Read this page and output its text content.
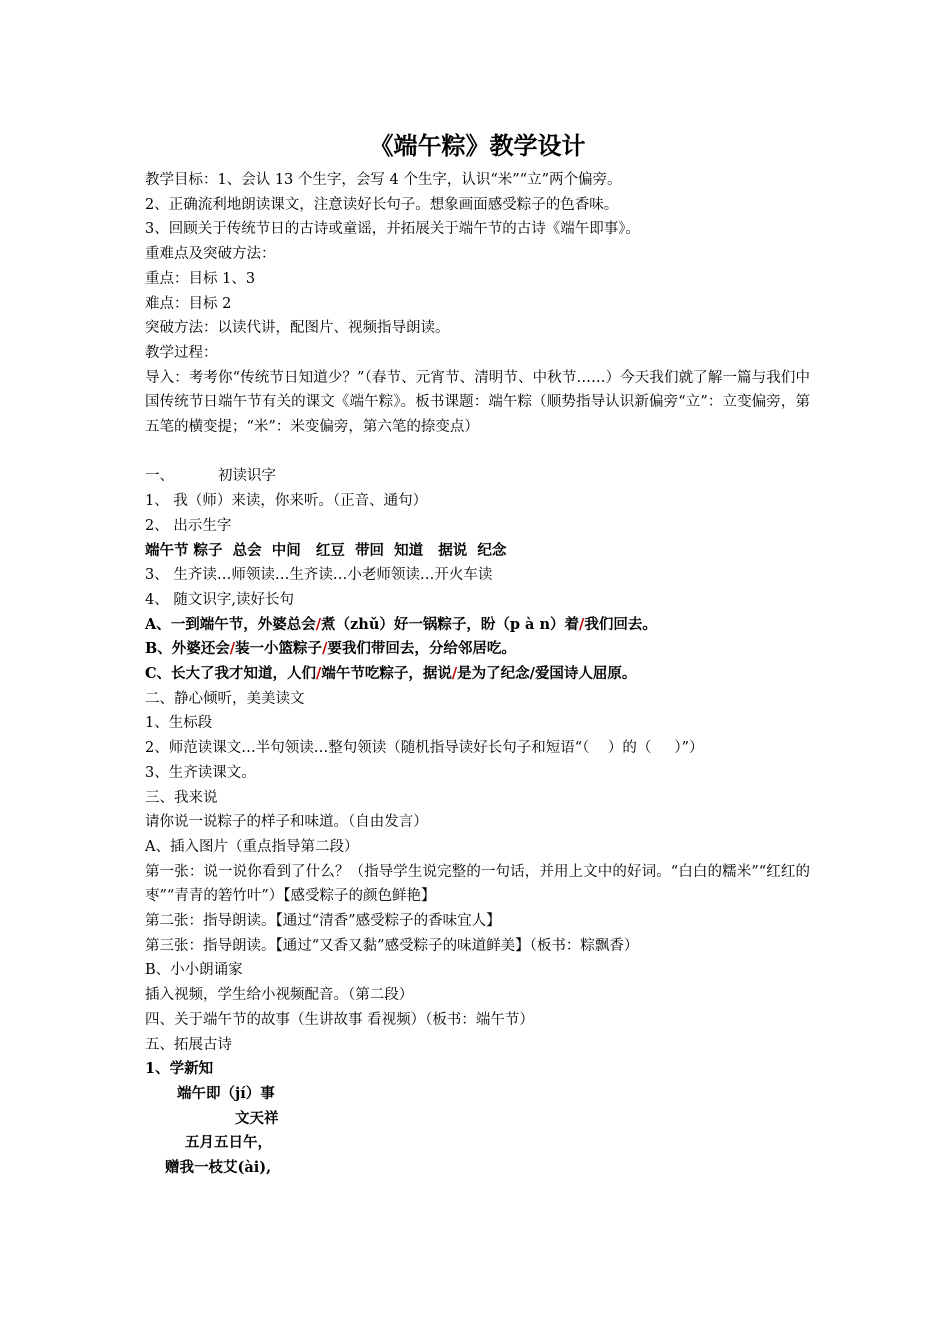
《端午粽》教学设计
教学目标：1、会认 13 个生字，会写 4 个生字，认识“米”“立”两个偏旁。
2、正确流利地朗读课文，注意读好长句子。想象画面感受粽子的色香味。
3、回顾关于传统节日的古诗或童谣，并拓展关于端午节的古诗《端午即事》。
重难点及突破方法：
重点：目标 1、3
难点：目标 2
突破方法：以读代讲，配图片、视频指导朗读。
教学过程：
导入：考考你“传统节日知道少？”（春节、元宵节、清明节、中秋节……）今天我们就了解一篇与我们中国传统节日端午节有关的课文《端午粽》。板书课题：端午粽（顺势指导认识新偏旁“立”：立变偏旁，第五笔的横变提；“米”：米变偏旁，第六笔的捺变点）
一、	初读识字
1、 我（师）来读，你来听。（正音、通句）
2、 出示生字
端午节 粽子  总会  中间   红豆  带回  知道   据说  纪念
3、 生齐读…师领读…生齐读…小老师领读…开火车读
4、 随文识字,读好长句
A、一到端午节，外婆总会/煮（zhǔ）好一锅粽子，盼（p à n）着/我们回去。
B、外婆还会/装一小篮粽子/要我们带回去，分给邻居吃。
C、长大了我才知道，人们/端午节吃粽子，据说/是为了纪念/爱国诗人屈原。
二、静心倾听，美美读文
1、生标段
2、师范读课文…半句领读…整句领读（随机指导读好长句子和短语“（    ）的（     ）”）
3、生齐读课文。
三、我来说
请你说一说粽子的样子和味道。（自由发言）
A、插入图片（重点指导第二段）
第一张：说一说你看到了什么？（指导学生说完整的一句话，并用上文中的好词。“白白的糯米”“红红的枣”“青青的箬竹叶”）【感受粽子的颜色鲜艳】
第二张：指导朗读。【通过“清香”感受粽子的香味宜人】
第三张：指导朗读。【通过“又香又黏”感受粽子的味道鲜美】（板书：粽飘香）
B、小小朗诵家
插入视频，学生给小视频配音。（第二段）
四、关于端午节的故事（生讲故事 看视频）（板书：端午节）
五、拓展古诗
1、学新知
端午即（jí）事
文天祥
五月五日午，
赠我一枝艾(ài),
